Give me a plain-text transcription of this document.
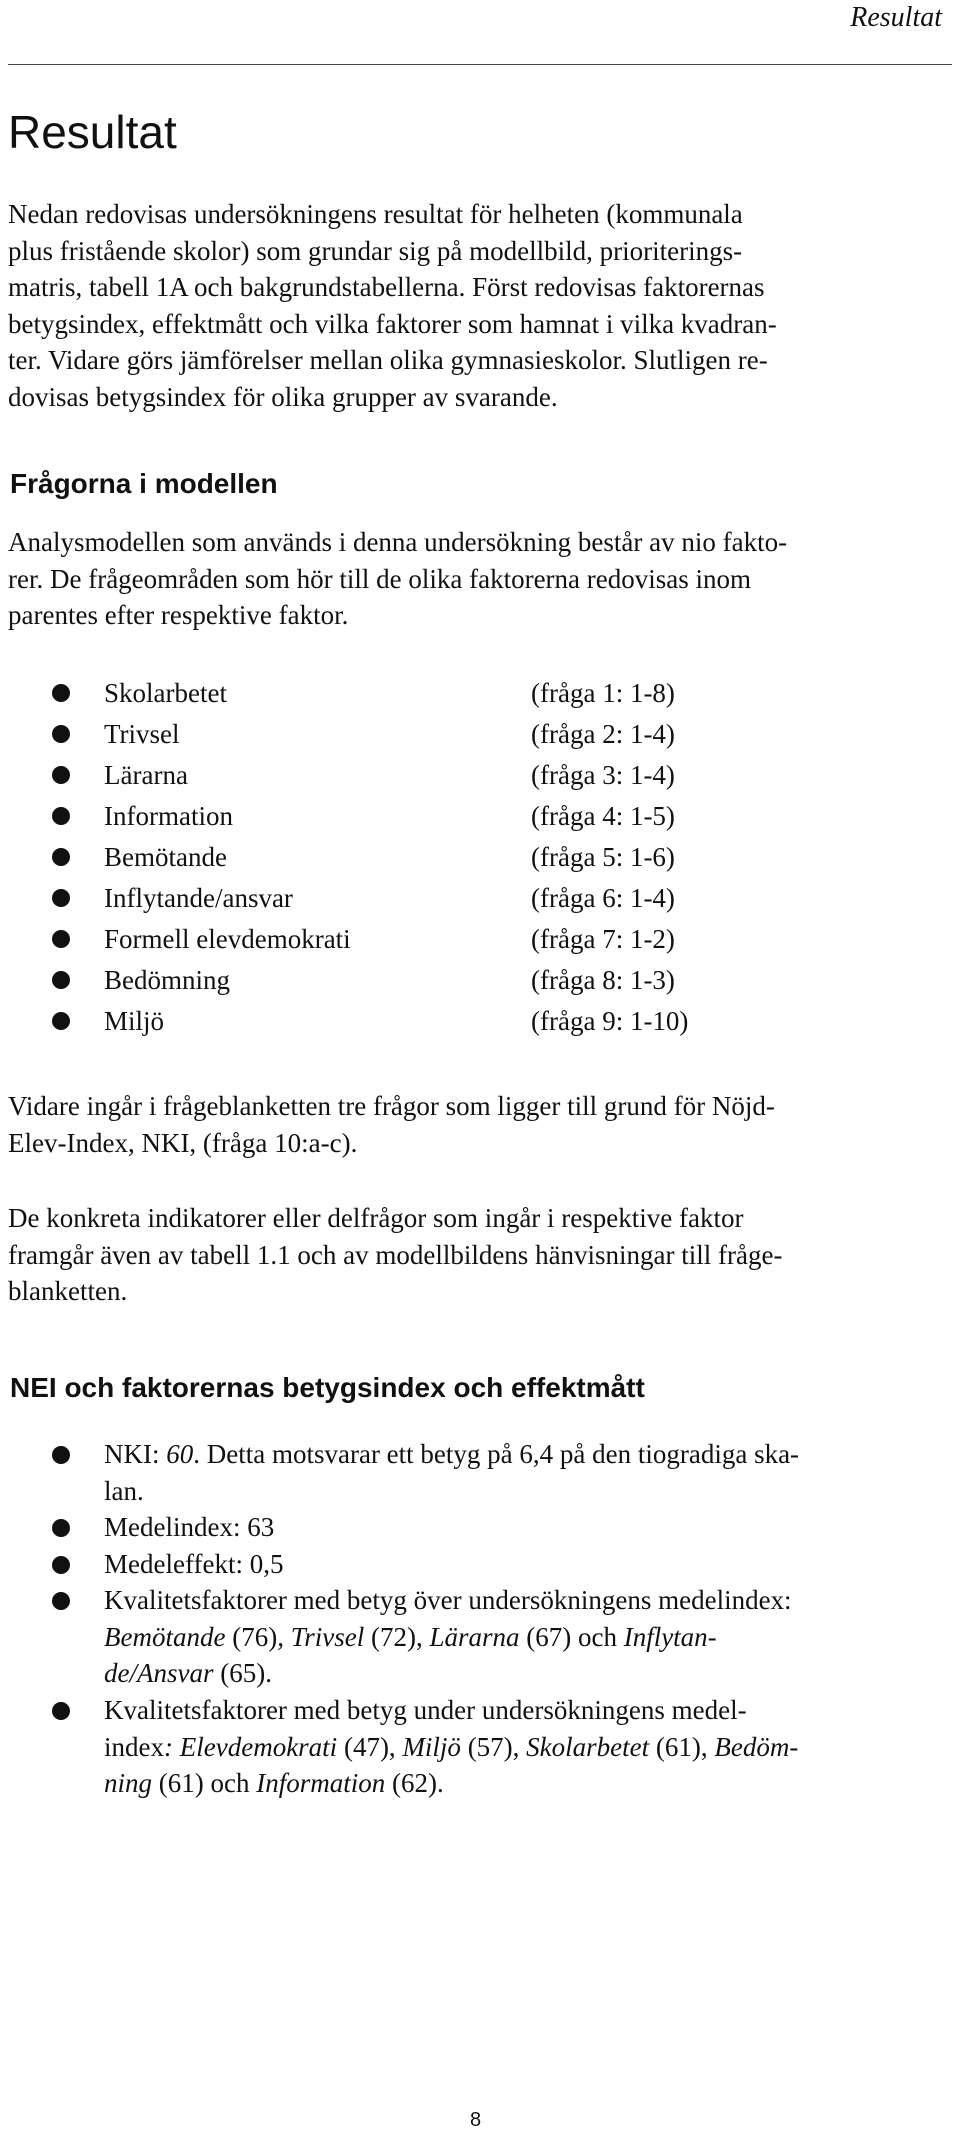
Resultat
Resultat
Nedan redovisas undersökningens resultat för helheten (kommunala
plus fristående skolor) som grundar sig på modellbild, prioriterings-
matris, tabell 1A och bakgrundstabellerna. Först redovisas faktorernas
betygsindex, effektmått och vilka faktorer som hamnat i vilka kvadran-
ter. Vidare görs jämförelser mellan olika gymnasieskolor. Slutligen re-
dovisas betygsindex för olika grupper av svarande.
Frågorna i modellen
Analysmodellen som används i denna undersökning består av nio fakto-
rer. De frågeområden som hör till de olika faktorerna redovisas inom
parentes efter respektive faktor.
Skolarbetet	(fråga 1: 1-8)
Trivsel	(fråga 2: 1-4)
Lärarna	(fråga 3: 1-4)
Information	(fråga 4: 1-5)
Bemötande	(fråga 5: 1-6)
Inflytande/ansvar	(fråga 6: 1-4)
Formell elevdemokrati	(fråga 7: 1-2)
Bedömning	(fråga 8: 1-3)
Miljö	(fråga 9: 1-10)
Vidare ingår i frågeblanketten tre frågor som ligger till grund för Nöjd-
Elev-Index, NKI, (fråga 10:a-c).
De konkreta indikatorer eller delfrågor som ingår i respektive faktor
framgår även av tabell 1.1 och av modellbildens hänvisningar till fråge-
blanketten.
NEI och faktorernas betygsindex och effektmått
NKI: 60. Detta motsvarar ett betyg på 6,4 på den tiogradiga ska-
lan.
Medelindex: 63
Medeleffekt: 0,5
Kvalitetsfaktorer med betyg över undersökningens medelindex:
Bemötande (76), Trivsel (72), Lärarna (67) och Inflytan-
de/Ansvar (65).
Kvalitetsfaktorer med betyg under undersökningens medel-
index: Elevdemokrati (47), Miljö (57), Skolarbetet (61), Bedöm-
ning (61) och Information (62).
8
